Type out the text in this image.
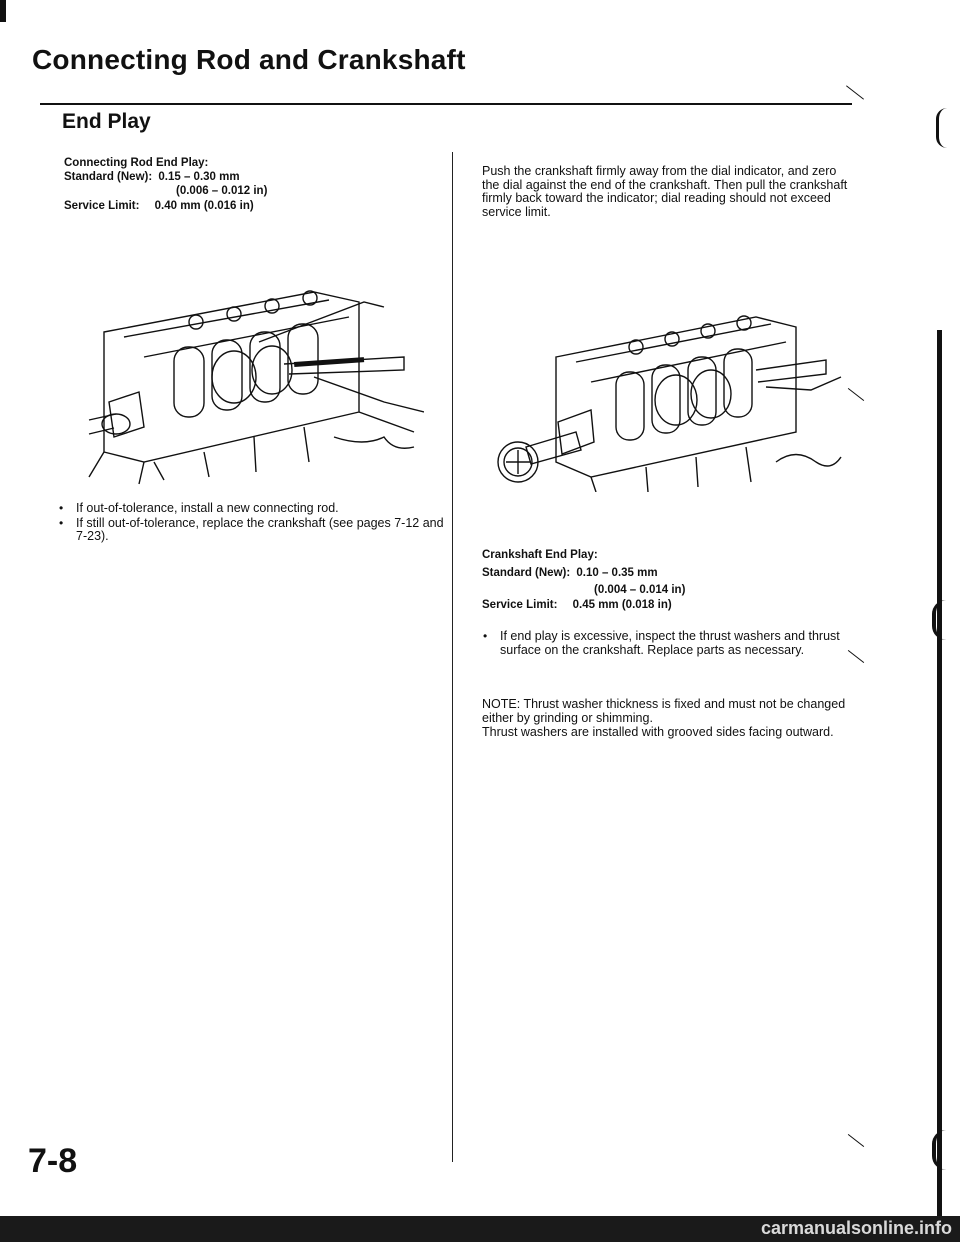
Connecting Rod and Crankshaft
End Play
Connecting Rod End Play:
Standard (New): 0.15 – 0.30 mm
(0.006 – 0.012 in)
Service Limit: 0.40 mm (0.016 in)
• If out-of-tolerance, install a new connecting rod.
• If still out-of-tolerance, replace the crankshaft (see pages 7-12 and 7-23).
Push the crankshaft firmly away from the dial indicator, and zero the dial against the end of the crankshaft. Then pull the crankshaft firmly back toward the indicator; dial reading should not exceed service limit.
Crankshaft End Play:
Standard (New): 0.10 – 0.35 mm
(0.004 – 0.014 in)
Service Limit: 0.45 mm (0.018 in)
• If end play is excessive, inspect the thrust washers and thrust surface on the crankshaft. Replace parts as necessary.
NOTE: Thrust washer thickness is fixed and must not be changed either by grinding or shimming.
Thrust washers are installed with grooved sides facing outward.
7-8
carmanualsonline.info
